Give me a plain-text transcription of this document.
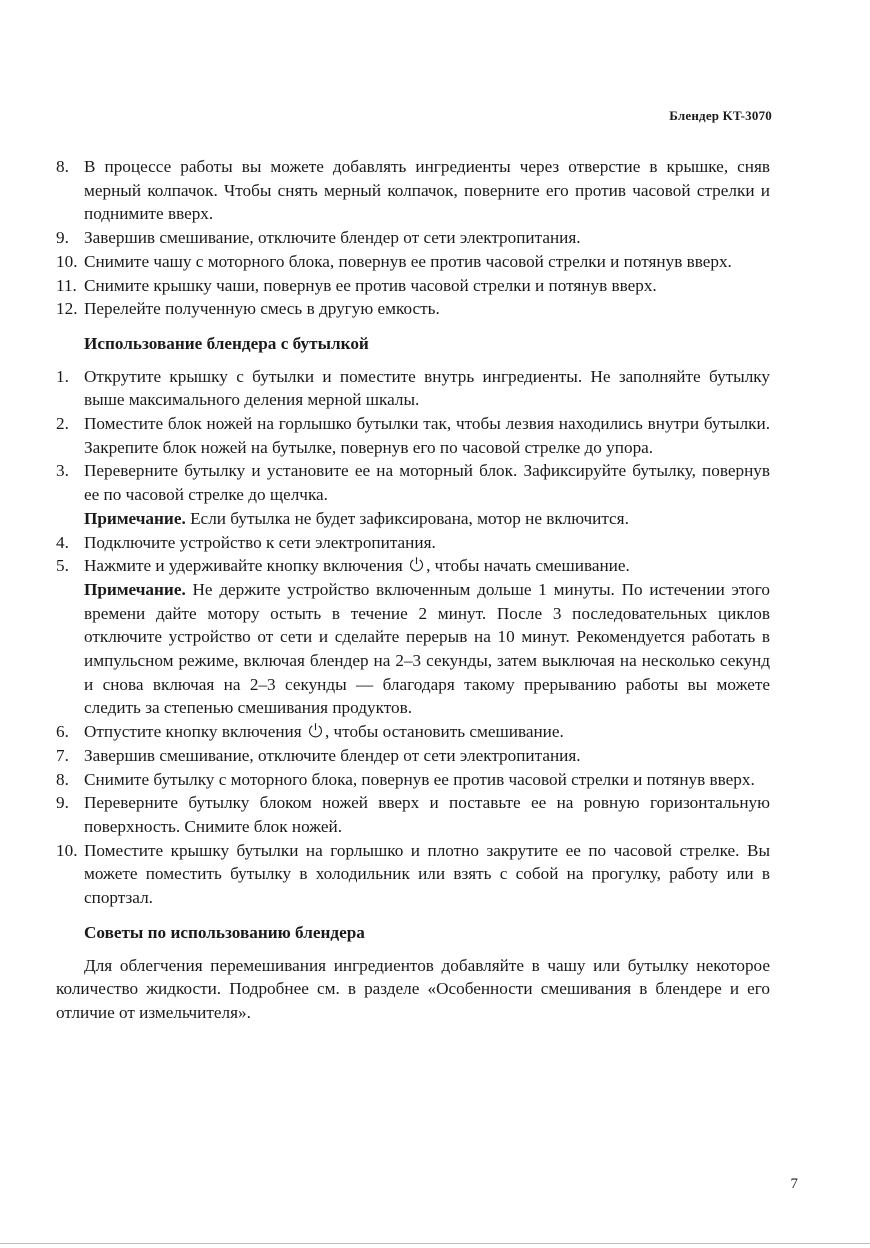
Блендер KT-3070
8. В процессе работы вы можете добавлять ингредиенты через отверстие в крышке, сняв мерный колпачок. Чтобы снять мерный колпачок, поверните его против часовой стрелки и поднимите вверх.
9. Завершив смешивание, отключите блендер от сети электропитания.
10. Снимите чашу с моторного блока, повернув ее против часовой стрелки и потянув вверх.
11. Снимите крышку чаши, повернув ее против часовой стрелки и потянув вверх.
12. Перелейте полученную смесь в другую емкость.
Использование блендера с бутылкой
1. Открутите крышку с бутылки и поместите внутрь ингредиенты. Не заполняйте бутылку выше максимального деления мерной шкалы.
2. Поместите блок ножей на горлышко бутылки так, чтобы лезвия находились внутри бутылки. Закрепите блок ножей на бутылке, повернув его по часовой стрелке до упора.
3. Переверните бутылку и установите ее на моторный блок. Зафиксируйте бутылку, повернув ее по часовой стрелке до щелчка.
Примечание. Если бутылка не будет зафиксирована, мотор не включится.
4. Подключите устройство к сети электропитания.
5. Нажмите и удерживайте кнопку включения
, чтобы начать смешивание.
Примечание. Не держите устройство включенным дольше 1 минуты. По истечении этого времени дайте мотору остыть в течение 2 минут. После 3 последовательных циклов отключите устройство от сети и сделайте перерыв на 10 минут. Рекомендуется работать в импульсном режиме, включая блендер на 2–3 секунды, затем выключая на несколько секунд и снова включая на 2–3 секунды — благодаря такому прерыванию работы вы можете следить за степенью смешивания продуктов.
6. Отпустите кнопку включения
, чтобы остановить смешивание.
7. Завершив смешивание, отключите блендер от сети электропитания.
8. Снимите бутылку с моторного блока, повернув ее против часовой стрелки и потянув вверх.
9. Переверните бутылку блоком ножей вверх и поставьте ее на ровную горизонтальную поверхность. Снимите блок ножей.
10. Поместите крышку бутылки на горлышко и плотно закрутите ее по часовой стрелке. Вы можете поместить бутылку в холодильник или взять с собой на прогулку, работу или в спортзал.
Советы по использованию блендера

Для облегчения перемешивания ингредиентов добавляйте в чашу или бутылку некоторое количество жидкости. Подробнее см. в разделе «Особенности смешивания в блендере и его отличие от измельчителя».

7
